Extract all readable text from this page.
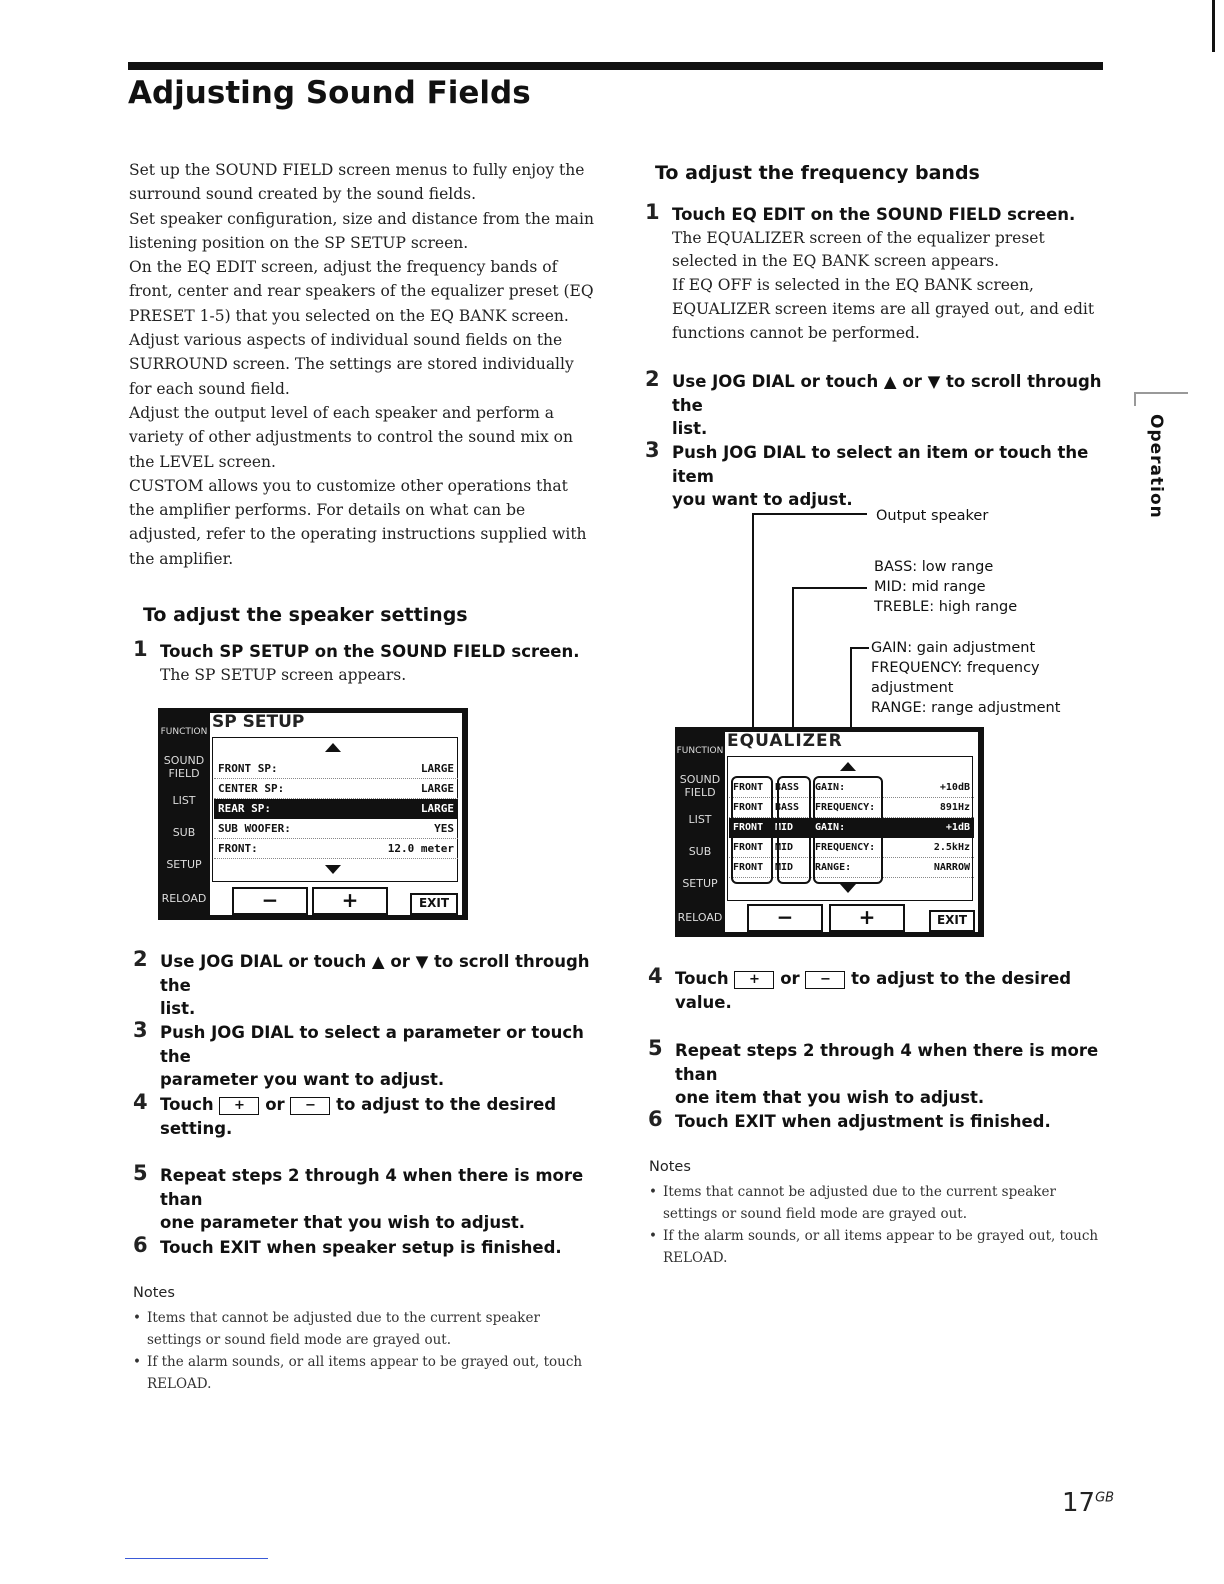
Adjusting Sound Fields

Set up the SOUND FIELD screen menus to fully enjoy the

surround sound created by the sound fields.

Set speaker configuration, size and distance from the main

listening position on the SP SETUP screen.

On the EQ EDIT screen, adjust the frequency bands of

front, center and rear speakers of the equalizer preset (EQ

PRESET 1-5) that you selected on the EQ BANK screen.

Adjust various aspects of individual sound fields on the

SURROUND screen. The settings are stored individually

for each sound field.

Adjust the output level of each speaker and perform a

variety of other adjustments to control the sound mix on

the LEVEL screen.

CUSTOM allows you to customize other operations that

the amplifier performs. For details on what can be

adjusted, refer to the operating instructions supplied with

the amplifier.

To adjust the speaker settings
1 Touch SP SETUP on the SOUND FIELD screen.
The SP SETUP screen appears.
FUNCTION
SOUND FIELD
LIST
SUB
SETUP
RELOAD
SP SETUP
FRONT SP:	LARGE
CENTER SP:	LARGE
REAR SP:	LARGE
SUB WOOFER:	YES
FRONT:	12.0 meter
−	+	EXIT
2 Use JOG DIAL or touch ▲ or ▼ to scroll through the
list.
3 Push JOG DIAL to select a parameter or touch the
parameter you want to adjust.
4 Touch + or − to adjust to the desired
setting.
5 Repeat steps 2 through 4 when there is more than
one parameter that you wish to adjust.
6 Touch EXIT when speaker setup is finished.
Notes
• Items that cannot be adjusted due to the current speaker settings or sound field mode are grayed out.
• If the alarm sounds, or all items appear to be grayed out, touch RELOAD.
To adjust the frequency bands
1 Touch EQ EDIT on the SOUND FIELD screen.
The EQUALIZER screen of the equalizer preset
selected in the EQ BANK screen appears.
If EQ OFF is selected in the EQ BANK screen,
EQUALIZER screen items are all grayed out, and edit
functions cannot be performed.
2 Use JOG DIAL or touch ▲ or ▼ to scroll through the
list.
3 Push JOG DIAL to select an item or touch the item
you want to adjust.
Output speaker
BASS: low range
MID: mid range
TREBLE: high range
GAIN: gain adjustment
FREQUENCY: frequency
adjustment
RANGE: range adjustment
FUNCTION
SOUND FIELD
LIST
SUB
SETUP
RELOAD
EQUALIZER
FRONT BASS GAIN:	+10dB
FRONT BASS FREQUENCY:	891Hz
FRONT MID GAIN:	+1dB
FRONT MID FREQUENCY:	2.5kHz
FRONT MID RANGE:	NARROW
−	+	EXIT
4 Touch + or − to adjust to the desired
value.
5 Repeat steps 2 through 4 when there is more than
one item that you wish to adjust.
6 Touch EXIT when adjustment is finished.
Notes
• Items that cannot be adjusted due to the current speaker settings or sound field mode are grayed out.
• If the alarm sounds, or all items appear to be grayed out, touch RELOAD.
Operation
$17^{GB}$
